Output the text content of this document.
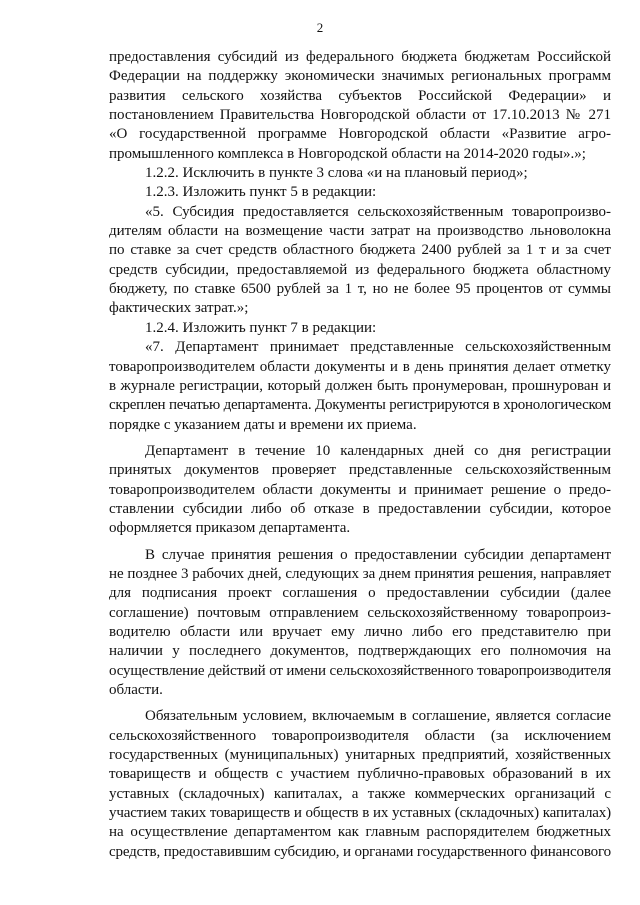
2

предоставления субсидий из федерального бюджета бюджетам Российской
Федерации на поддержку экономически значимых региональных программ
развития сельского хозяйства субъектов Российской Федерации» и
постановлением Правительства Новгородской области от 17.10.2013 № 271
«О государственной программе Новгородской области «Развитие агро-
промышленного комплекса в Новгородской области на 2014-2020 годы».»;

1.2.2. Исключить в пункте 3 слова «и на плановый период»;

1.2.3. Изложить пункт 5 в редакции:

«5. Субсидия предоставляется сельскохозяйственным товаропроизво-
дителям области на возмещение части затрат на производство льноволокна
по ставке за счет средств областного бюджета 2400 рублей за 1 т и за счет
средств субсидии, предоставляемой из федерального бюджета областному
бюджету, по ставке 6500 рублей за 1 т, но не более 95 процентов от суммы
фактических затрат.»;

1.2.4. Изложить пункт 7 в редакции:

«7. Департамент принимает представленные сельскохозяйственным
товаропроизводителем области документы и в день принятия делает отметку
в журнале регистрации, который должен быть пронумерован, прошнурован и
скреплен печатью департамента. Документы регистрируются в хронологическом
порядке с указанием даты и времени их приема.

Департамент в течение 10 календарных дней со дня регистрации
принятых документов проверяет представленные сельскохозяйственным
товаропроизводителем области документы и принимает решение о предо-
ставлении субсидии либо об отказе в предоставлении субсидии, которое
оформляется приказом департамента.

В случае принятия решения о предоставлении субсидии департамент
не позднее 3 рабочих дней, следующих за днем принятия решения, направляет
для подписания проект соглашения о предоставлении субсидии (далее
соглашение) почтовым отправлением сельскохозяйственному товаропроиз-
водителю области или вручает ему лично либо его представителю при
наличии у последнего документов, подтверждающих его полномочия на
осуществление действий от имени сельскохозяйственного товаропроизводителя
области.

Обязательным условием, включаемым в соглашение, является согласие
сельскохозяйственного товаропроизводителя области (за исключением
государственных (муниципальных) унитарных предприятий, хозяйственных
товариществ и обществ с участием публично-правовых образований в их
уставных (складочных) капиталах, а также коммерческих организаций с
участием таких товариществ и обществ в их уставных (складочных) капиталах)
на осуществление департаментом как главным распорядителем бюджетных
средств, предоставившим субсидию, и органами государственного финансового
